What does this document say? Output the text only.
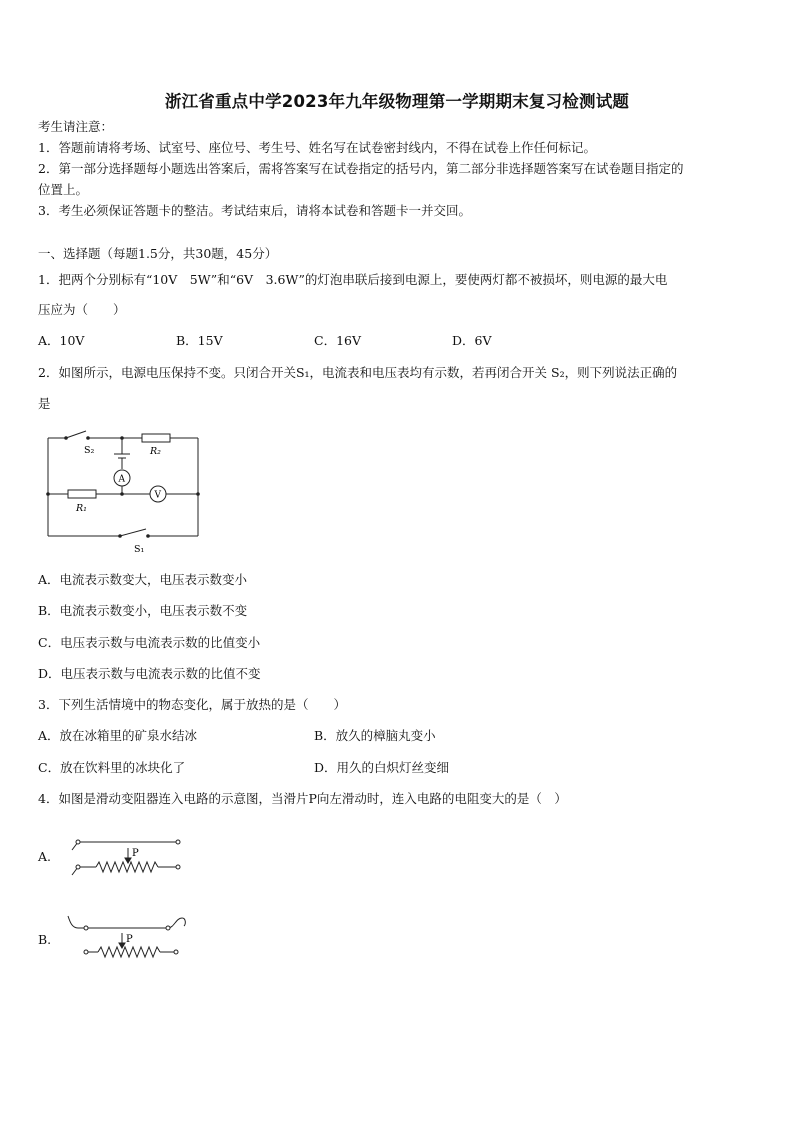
浙江省重点中学2023年九年级物理第一学期期末复习检测试题
考生请注意：
1．答题前请将考场、试室号、座位号、考生号、姓名写在试卷密封线内，不得在试卷上作任何标记。
2．第一部分选择题每小题选出答案后，需将答案写在试卷指定的括号内，第二部分非选择题答案写在试卷题目指定的
位置上。
3．考生必须保证答题卡的整洁。考试结束后，请将本试卷和答题卡一并交回。
一、选择题（每题1.5分，共30题，45分）
1．把两个分别标有“10V　5W”和“6V　3.6W”的灯泡串联后接到电源上，要使两灯都不被损坏，则电源的最大电
压应为（　　）
A．10V	B．15V	C．16V	D．6V
2．如图所示，电源电压保持不变。只闭合开关S₁，电流表和电压表均有示数，若再闭合开关 S₂，则下列说法正确的
是
S₂	R₂
A
V
R₁
S₁
A．电流表示数变大，电压表示数变小
B．电流表示数变小，电压表示数不变
C．电压表示数与电流表示数的比值变小
D．电压表示数与电流表示数的比值不变
3．下列生活情境中的物态变化，属于放热的是（　　）
A．放在冰箱里的矿泉水结冰	B．放久的樟脑丸变小
C．放在饮料里的冰块化了	D．用久的白炽灯丝变细
4．如图是滑动变阻器连入电路的示意图，当滑片P向左滑动时，连入电路的电阻变大的是（　）
A.	P
B.	P
